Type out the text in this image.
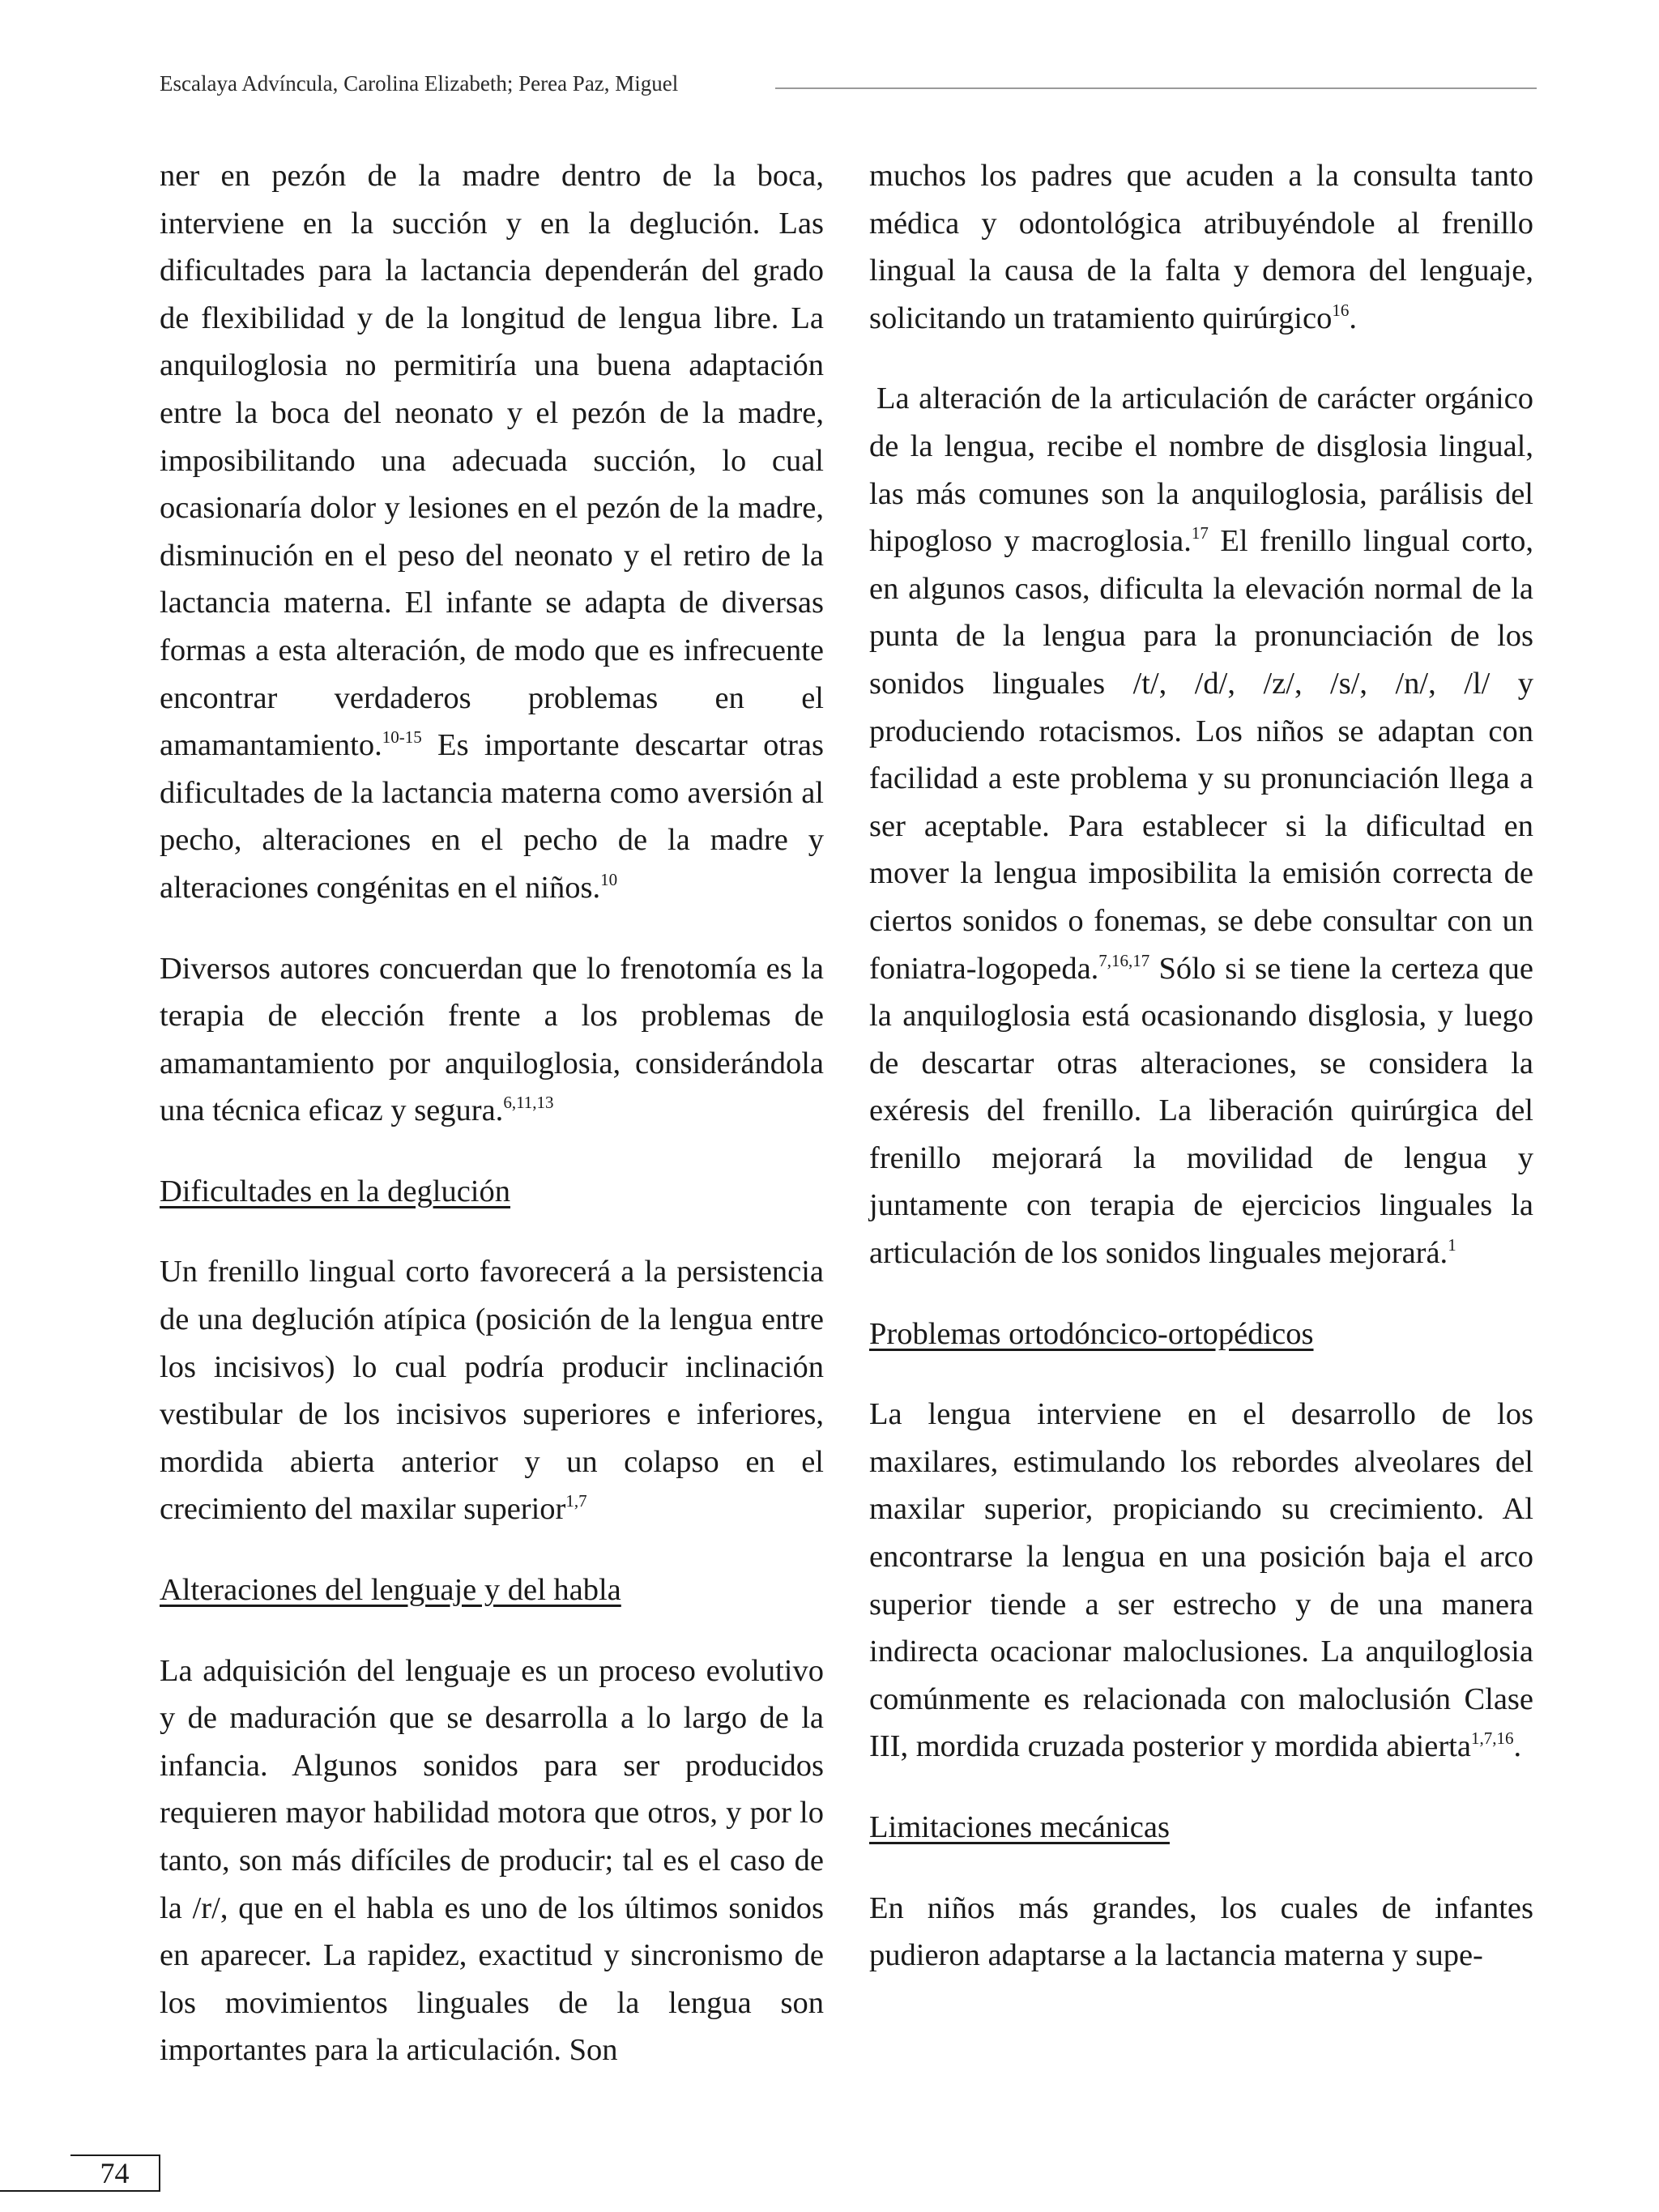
Escalaya Advíncula, Carolina Elizabeth; Perea Paz, Miguel

ner en pezón de la madre dentro de la boca, interviene en la succión y en la deglución. Las dificultades para la lactancia dependerán del grado de flexibilidad y de la longitud de lengua libre. La anquiloglosia no permitiría una buena adaptación entre la boca del neonato y el pezón de la madre, imposibilitando una adecuada succión, lo cual ocasionaría dolor y lesiones en el pezón de la madre, disminución en el peso del neonato y el retiro de la lactancia materna. El infante se adapta de diversas formas a esta alteración, de modo que es infrecuente encontrar verdaderos problemas en el amamantamiento.$^{10-15}$ Es importante descartar otras dificultades de la lactancia materna como aversión al pecho, alteraciones en el pecho de la madre y alteraciones congénitas en el niños.$^{10}$

Diversos autores concuerdan que lo frenotomía es la terapia de elección frente a los problemas de amamantamiento por anquiloglosia, considerándola una técnica eficaz y segura.$^{6,11,13}$

Dificultades en la deglución

Un frenillo lingual corto favorecerá a la persistencia de una deglución atípica (posición de la lengua entre los incisivos) lo cual podría producir inclinación vestibular de los incisivos superiores e inferiores, mordida abierta anterior y un colapso en el crecimiento del maxilar superior$^{1,7}$

Alteraciones del lenguaje y del habla

La adquisición del lenguaje es un proceso evolutivo y de maduración que se desarrolla a lo largo de la infancia. Algunos sonidos para ser producidos requieren mayor habilidad motora que otros, y por lo tanto, son más difíciles de producir; tal es el caso de la /r/, que en el habla es uno de los últimos sonidos en aparecer. La rapidez, exactitud y sincronismo de los movimientos linguales de la lengua son importantes para la articulación. Son

muchos los padres que acuden a la consulta tanto médica y odontológica atribuyéndole al frenillo lingual la causa de la falta y demora del lenguaje, solicitando un tratamiento quirúrgico$^{16}$.

La alteración de la articulación de carácter orgánico de la lengua, recibe el nombre de disglosia lingual, las más comunes son la anquiloglosia, parálisis del hipogloso y macroglosia.$^{17}$ El frenillo lingual corto, en algunos casos, dificulta la elevación normal de la punta de la lengua para la pronunciación de los sonidos linguales /t/, /d/, /z/, /s/, /n/, /l/ y produciendo rotacismos. Los niños se adaptan con facilidad a este problema y su pronunciación llega a ser aceptable. Para establecer si la dificultad en mover la lengua imposibilita la emisión correcta de ciertos sonidos o fonemas, se debe consultar con un foniatra-logopeda.$^{7,16,17}$ Sólo si se tiene la certeza que la anquiloglosia está ocasionando disglosia, y luego de descartar otras alteraciones, se considera la exéresis del frenillo. La liberación quirúrgica del frenillo mejorará la movilidad de lengua y juntamente con terapia de ejercicios linguales la articulación de los sonidos linguales mejorará.$^1$

Problemas ortodóncico-ortopédicos

La lengua interviene en el desarrollo de los maxilares, estimulando los rebordes alveolares del maxilar superior, propiciando su crecimiento. Al encontrarse la lengua en una posición baja el arco superior tiende a ser estrecho y de una manera indirecta ocacionar maloclusiones. La anquiloglosia comúnmente es relacionada con maloclusión Clase III, mordida cruzada posterior y mordida abierta$^{1,7,16}$.

Limitaciones mecánicas

En niños más grandes, los cuales de infantes pudieron adaptarse a la lactancia materna y supe-

74
